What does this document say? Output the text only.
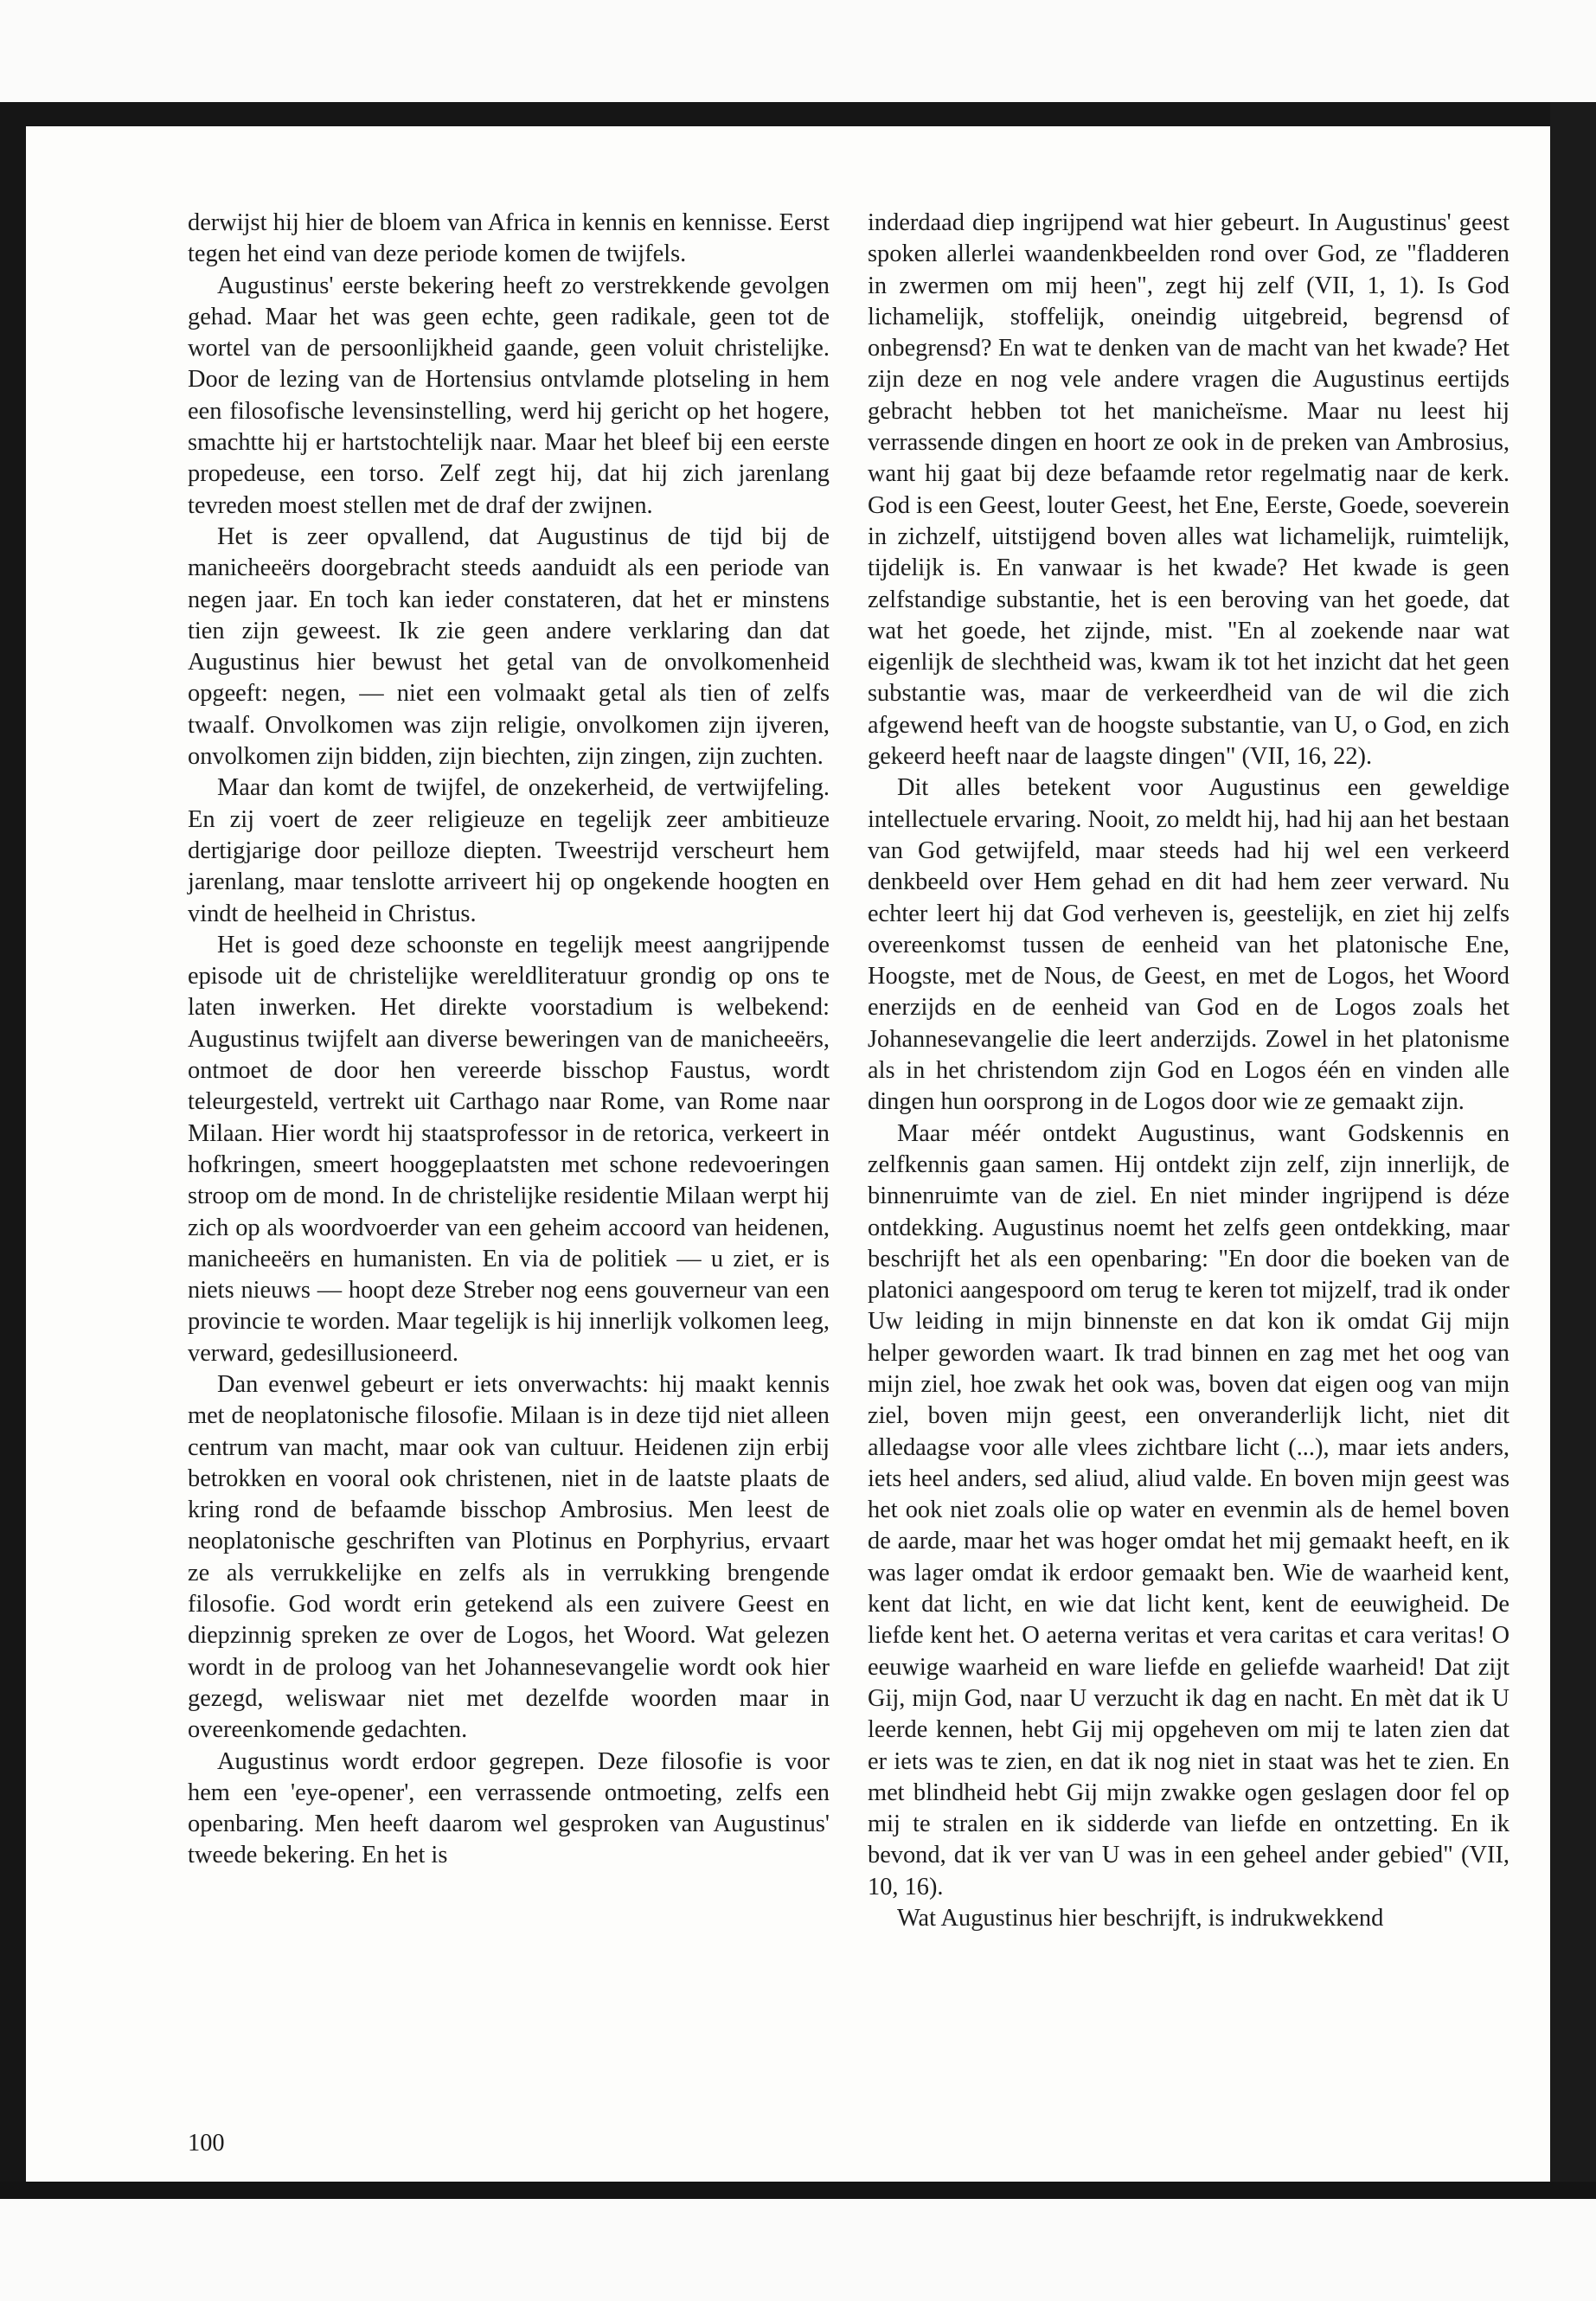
derwijst hij hier de bloem van Africa in kennis en kennisse. Eerst tegen het eind van deze periode komen de twijfels.

Augustinus' eerste bekering heeft zo verstrekkende gevolgen gehad. Maar het was geen echte, geen radikale, geen tot de wortel van de persoonlijkheid gaande, geen voluit christelijke. Door de lezing van de Hortensius ontvlamde plotseling in hem een filosofische levensinstelling, werd hij gericht op het hogere, smachtte hij er hartstochtelijk naar. Maar het bleef bij een eerste propedeuse, een torso. Zelf zegt hij, dat hij zich jarenlang tevreden moest stellen met de draf der zwijnen.

Het is zeer opvallend, dat Augustinus de tijd bij de manicheeërs doorgebracht steeds aanduidt als een periode van negen jaar. En toch kan ieder constateren, dat het er minstens tien zijn geweest. Ik zie geen andere verklaring dan dat Augustinus hier bewust het getal van de onvolkomenheid opgeeft: negen, — niet een volmaakt getal als tien of zelfs twaalf. Onvolkomen was zijn religie, onvolkomen zijn ijveren, onvolkomen zijn bidden, zijn biechten, zijn zingen, zijn zuchten.

Maar dan komt de twijfel, de onzekerheid, de vertwijfeling. En zij voert de zeer religieuze en tegelijk zeer ambitieuze dertigjarige door peilloze diepten. Tweestrijd verscheurt hem jarenlang, maar tenslotte arriveert hij op ongekende hoogten en vindt de heelheid in Christus.

Het is goed deze schoonste en tegelijk meest aangrijpende episode uit de christelijke wereldliteratuur grondig op ons te laten inwerken. Het direkte voorstadium is welbekend: Augustinus twijfelt aan diverse beweringen van de manicheeërs, ontmoet de door hen vereerde bisschop Faustus, wordt teleurgesteld, vertrekt uit Carthago naar Rome, van Rome naar Milaan. Hier wordt hij staatsprofessor in de retorica, verkeert in hofkringen, smeert hooggeplaatsten met schone redevoeringen stroop om de mond. In de christelijke residentie Milaan werpt hij zich op als woordvoerder van een geheim accoord van heidenen, manicheeërs en humanisten. En via de politiek — u ziet, er is niets nieuws — hoopt deze Streber nog eens gouverneur van een provincie te worden. Maar tegelijk is hij innerlijk volkomen leeg, verward, gedesillusioneerd.

Dan evenwel gebeurt er iets onverwachts: hij maakt kennis met de neoplatonische filosofie. Milaan is in deze tijd niet alleen centrum van macht, maar ook van cultuur. Heidenen zijn erbij betrokken en vooral ook christenen, niet in de laatste plaats de kring rond de befaamde bisschop Ambrosius. Men leest de neoplatonische geschriften van Plotinus en Porphyrius, ervaart ze als verrukkelijke en zelfs als in verrukking brengende filosofie. God wordt erin getekend als een zuivere Geest en diepzinnig spreken ze over de Logos, het Woord. Wat gelezen wordt in de proloog van het Johannesevangelie wordt ook hier gezegd, weliswaar niet met dezelfde woorden maar in overeenkomende gedachten.

Augustinus wordt erdoor gegrepen. Deze filosofie is voor hem een 'eye-opener', een verrassende ontmoeting, zelfs een openbaring. Men heeft daarom wel gesproken van Augustinus' tweede bekering. En het is

inderdaad diep ingrijpend wat hier gebeurt. In Augustinus' geest spoken allerlei waandenkbeelden rond over God, ze "fladderen in zwermen om mij heen", zegt hij zelf (VII, 1, 1). Is God lichamelijk, stoffelijk, oneindig uitgebreid, begrensd of onbegrensd? En wat te denken van de macht van het kwade? Het zijn deze en nog vele andere vragen die Augustinus eertijds gebracht hebben tot het manicheïsme. Maar nu leest hij verrassende dingen en hoort ze ook in de preken van Ambrosius, want hij gaat bij deze befaamde retor regelmatig naar de kerk. God is een Geest, louter Geest, het Ene, Eerste, Goede, soeverein in zichzelf, uitstijgend boven alles wat lichamelijk, ruimtelijk, tijdelijk is. En vanwaar is het kwade? Het kwade is geen zelfstandige substantie, het is een beroving van het goede, dat wat het goede, het zijnde, mist. "En al zoekende naar wat eigenlijk de slechtheid was, kwam ik tot het inzicht dat het geen substantie was, maar de verkeerdheid van de wil die zich afgewend heeft van de hoogste substantie, van U, o God, en zich gekeerd heeft naar de laagste dingen" (VII, 16, 22).

Dit alles betekent voor Augustinus een geweldige intellectuele ervaring. Nooit, zo meldt hij, had hij aan het bestaan van God getwijfeld, maar steeds had hij wel een verkeerd denkbeeld over Hem gehad en dit had hem zeer verward. Nu echter leert hij dat God verheven is, geestelijk, en ziet hij zelfs overeenkomst tussen de eenheid van het platonische Ene, Hoogste, met de Nous, de Geest, en met de Logos, het Woord enerzijds en de eenheid van God en de Logos zoals het Johannesevangelie die leert anderzijds. Zowel in het platonisme als in het christendom zijn God en Logos één en vinden alle dingen hun oorsprong in de Logos door wie ze gemaakt zijn.

Maar méér ontdekt Augustinus, want Godskennis en zelfkennis gaan samen. Hij ontdekt zijn zelf, zijn innerlijk, de binnenruimte van de ziel. En niet minder ingrijpend is déze ontdekking. Augustinus noemt het zelfs geen ontdekking, maar beschrijft het als een openbaring: "En door die boeken van de platonici aangespoord om terug te keren tot mijzelf, trad ik onder Uw leiding in mijn binnenste en dat kon ik omdat Gij mijn helper geworden waart. Ik trad binnen en zag met het oog van mijn ziel, hoe zwak het ook was, boven dat eigen oog van mijn ziel, boven mijn geest, een onveranderlijk licht, niet dit alledaagse voor alle vlees zichtbare licht (...), maar iets anders, iets heel anders, sed aliud, aliud valde. En boven mijn geest was het ook niet zoals olie op water en evenmin als de hemel boven de aarde, maar het was hoger omdat het mij gemaakt heeft, en ik was lager omdat ik erdoor gemaakt ben. Wie de waarheid kent, kent dat licht, en wie dat licht kent, kent de eeuwigheid. De liefde kent het. O aeterna veritas et vera caritas et cara veritas! O eeuwige waarheid en ware liefde en geliefde waarheid! Dat zijt Gij, mijn God, naar U verzucht ik dag en nacht. En mèt dat ik U leerde kennen, hebt Gij mij opgeheven om mij te laten zien dat er iets was te zien, en dat ik nog niet in staat was het te zien. En met blindheid hebt Gij mijn zwakke ogen geslagen door fel op mij te stralen en ik sidderde van liefde en ontzetting. En ik bevond, dat ik ver van U was in een geheel ander gebied" (VII, 10, 16).

Wat Augustinus hier beschrijft, is indrukwekkend

100
